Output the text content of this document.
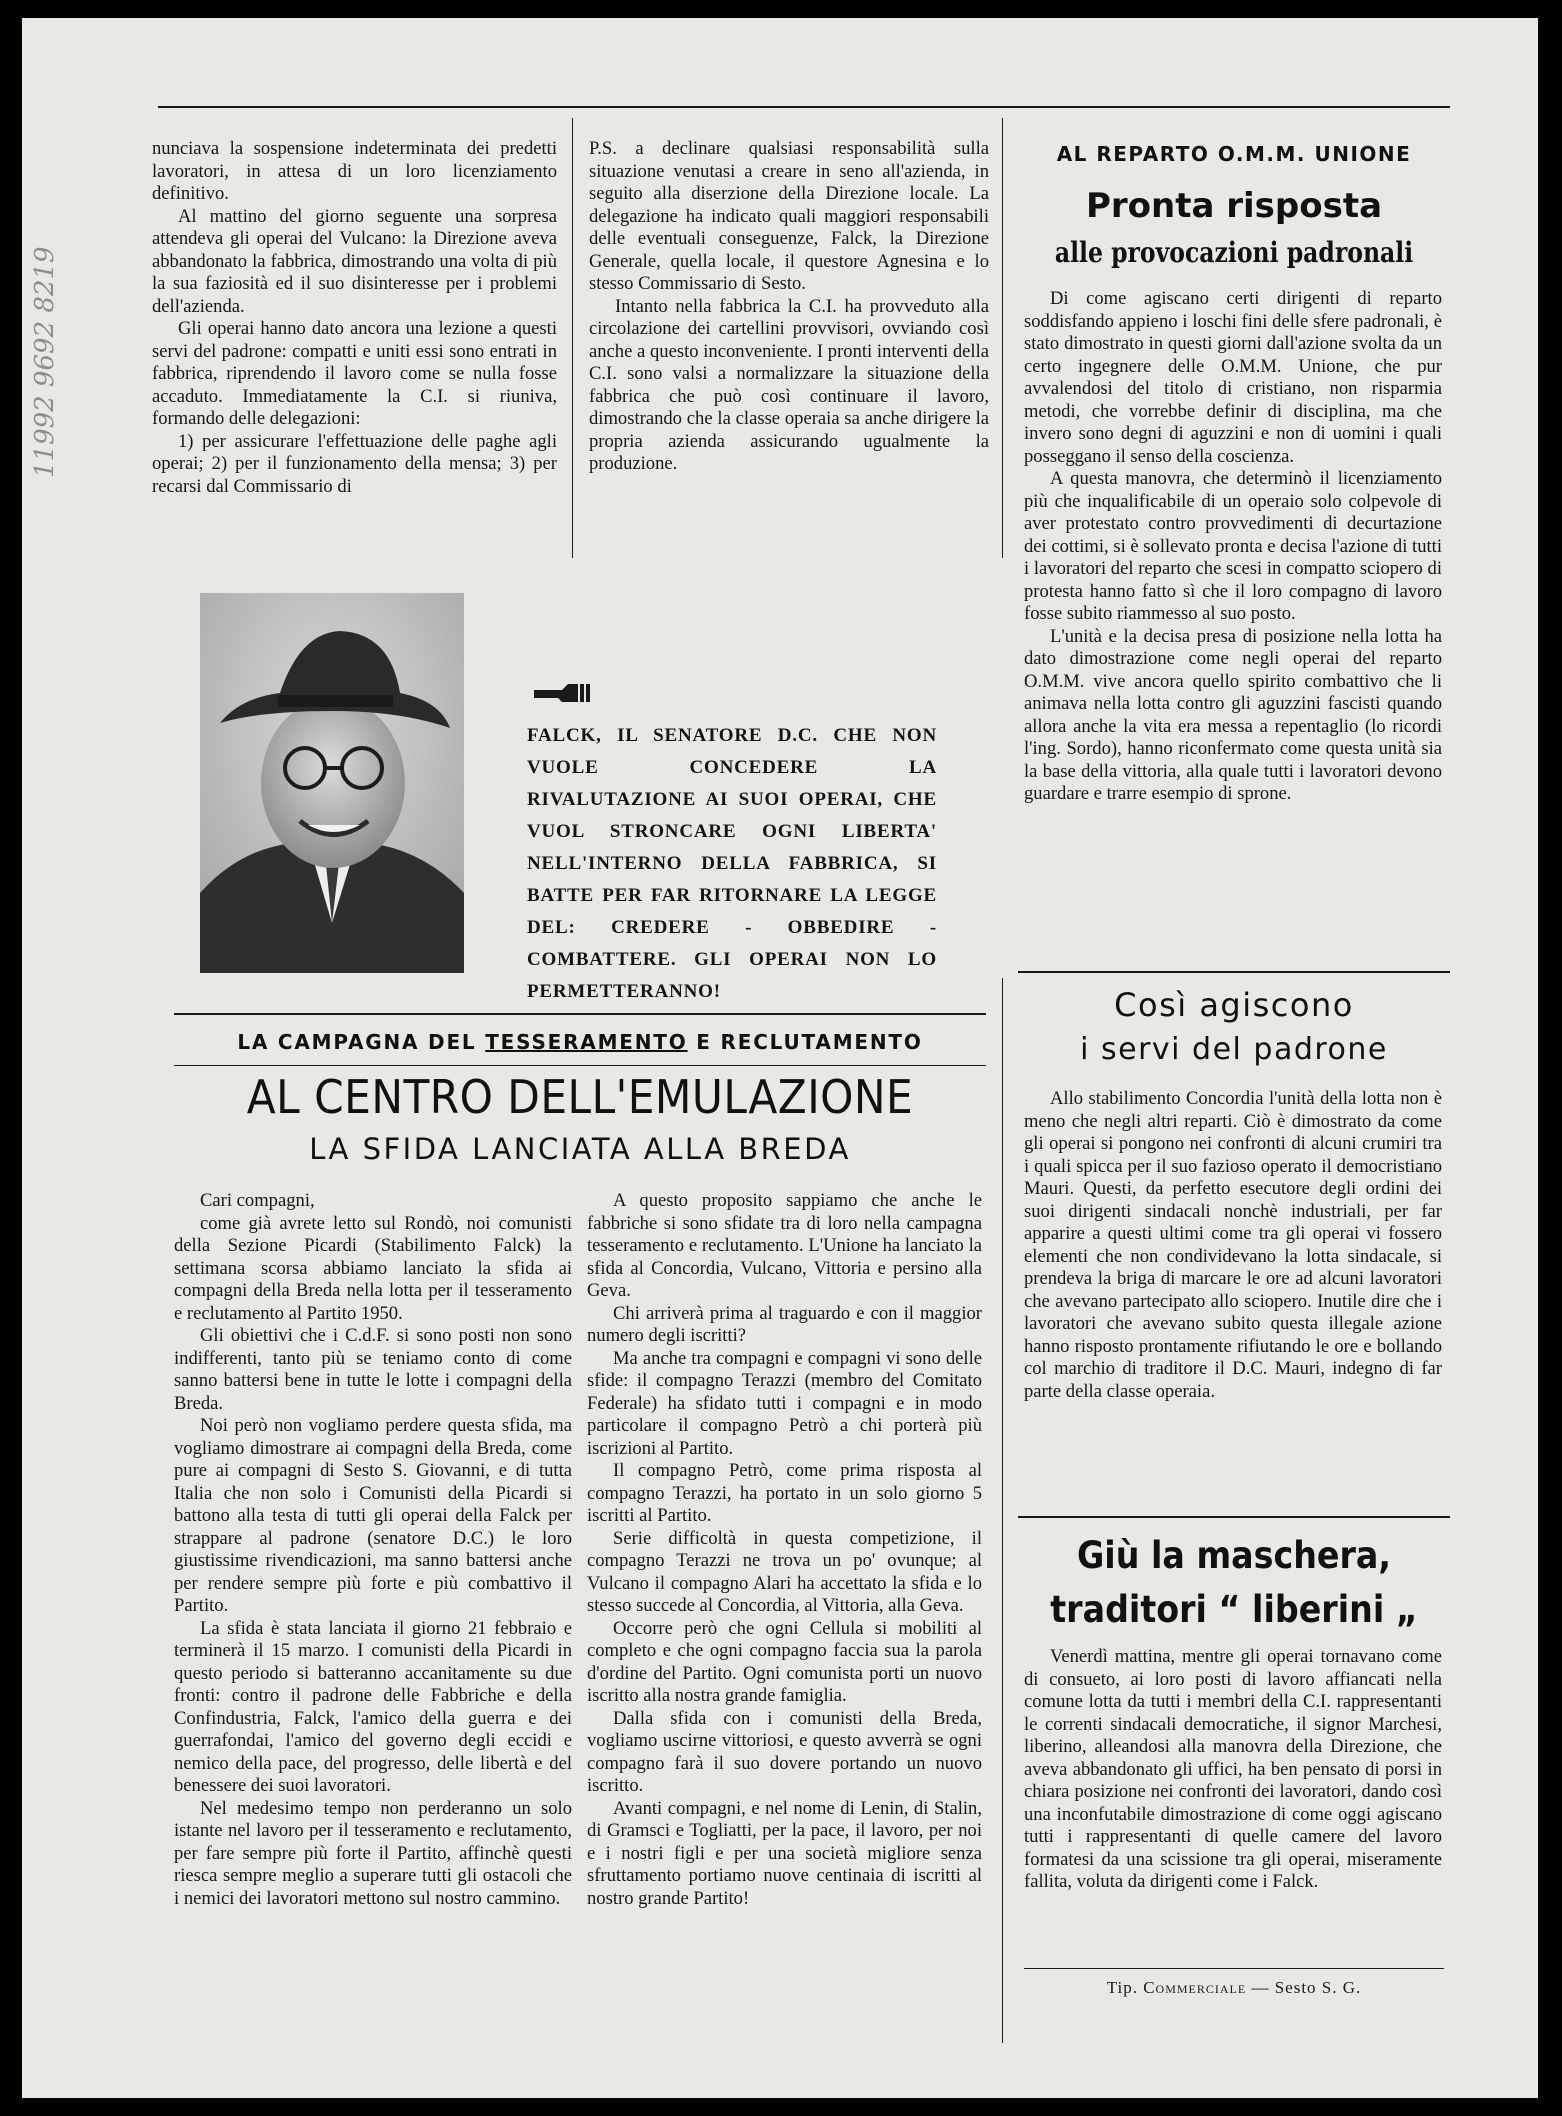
11992 9692 8219

nunciava la sospensione indeterminata dei predetti lavoratori, in attesa di un loro licenziamento definitivo.

Al mattino del giorno seguente una sorpresa attendeva gli operai del Vulcano: la Direzione aveva abbandonato la fabbrica, dimostrando una volta di più la sua faziosità ed il suo disinteresse per i problemi dell'azienda.

Gli operai hanno dato ancora una lezione a questi servi del padrone: compatti e uniti essi sono entrati in fabbrica, riprendendo il lavoro come se nulla fosse accaduto. Immediatamente la C.I. si riuniva, formando delle delegazioni:

1) per assicurare l'effettuazione delle paghe agli operai; 2) per il funzionamento della mensa; 3) per recarsi dal Commissario di

P.S. a declinare qualsiasi responsabilità sulla situazione venutasi a creare in seno all'azienda, in seguito alla diserzione della Direzione locale. La delegazione ha indicato quali maggiori responsabili delle eventuali conseguenze, Falck, la Direzione Generale, quella locale, il questore Agnesina e lo stesso Commissario di Sesto.

Intanto nella fabbrica la C.I. ha provveduto alla circolazione dei cartellini provvisori, ovviando così anche a questo inconveniente. I pronti interventi della C.I. sono valsi a normalizzare la situazione della fabbrica che può così continuare il lavoro, dimostrando che la classe operaia sa anche dirigere la propria azienda assicurando ugualmente la produzione.

FALCK, IL SENATORE D.C. CHE NON VUOLE CONCEDERE LA RIVALUTAZIONE AI SUOI OPERAI, CHE VUOL STRONCARE OGNI LIBERTA' NELL'INTERNO DELLA FABBRICA, SI BATTE PER FAR RITORNARE LA LEGGE DEL: CREDERE - OBBEDIRE - COMBATTERE. GLI OPERAI NON LO PERMETTERANNO!
LA CAMPAGNA DEL TESSERAMENTO E RECLUTAMENTO
AL CENTRO DELL'EMULAZIONE
LA SFIDA LANCIATA ALLA BREDA

Cari compagni,

come già avrete letto sul Rondò, noi comunisti della Sezione Picardi (Stabilimento Falck) la settimana scorsa abbiamo lanciato la sfida ai compagni della Breda nella lotta per il tesseramento e reclutamento al Partito 1950.

Gli obiettivi che i C.d.F. si sono posti non sono indifferenti, tanto più se teniamo conto di come sanno battersi bene in tutte le lotte i compagni della Breda.

Noi però non vogliamo perdere questa sfida, ma vogliamo dimostrare ai compagni della Breda, come pure ai compagni di Sesto S. Giovanni, e di tutta Italia che non solo i Comunisti della Picardi si battono alla testa di tutti gli operai della Falck per strappare al padrone (senatore D.C.) le loro giustissime rivendicazioni, ma sanno battersi anche per rendere sempre più forte e più combattivo il Partito.

La sfida è stata lanciata il giorno 21 febbraio e terminerà il 15 marzo. I comunisti della Picardi in questo periodo si batteranno accanitamente su due fronti: contro il padrone delle Fabbriche e della Confindustria, Falck, l'amico della guerra e dei guerrafondai, l'amico del governo degli eccidi e nemico della pace, del progresso, delle libertà e del benessere dei suoi lavoratori.

Nel medesimo tempo non perderanno un solo istante nel lavoro per il tesseramento e reclutamento, per fare sempre più forte il Partito, affinchè questi riesca sempre meglio a superare tutti gli ostacoli che i nemici dei lavoratori mettono sul nostro cammino.

A questo proposito sappiamo che anche le fabbriche si sono sfidate tra di loro nella campagna tesseramento e reclutamento. L'Unione ha lanciato la sfida al Concordia, Vulcano, Vittoria e persino alla Geva.

Chi arriverà prima al traguardo e con il maggior numero degli iscritti?

Ma anche tra compagni e compagni vi sono delle sfide: il compagno Terazzi (membro del Comitato Federale) ha sfidato tutti i compagni e in modo particolare il compagno Petrò a chi porterà più iscrizioni al Partito.

Il compagno Petrò, come prima risposta al compagno Terazzi, ha portato in un solo giorno 5 iscritti al Partito.

Serie difficoltà in questa competizione, il compagno Terazzi ne trova un po' ovunque; al Vulcano il compagno Alari ha accettato la sfida e lo stesso succede al Concordia, al Vittoria, alla Geva.

Occorre però che ogni Cellula si mobiliti al completo e che ogni compagno faccia sua la parola d'ordine del Partito. Ogni comunista porti un nuovo iscritto alla nostra grande famiglia.

Dalla sfida con i comunisti della Breda, vogliamo uscirne vittoriosi, e questo avverrà se ogni compagno farà il suo dovere portando un nuovo iscritto.

Avanti compagni, e nel nome di Lenin, di Stalin, di Gramsci e Togliatti, per la pace, il lavoro, per noi e i nostri figli e per una società migliore senza sfruttamento portiamo nuove centinaia di iscritti al nostro grande Partito!

AL REPARTO O.M.M. UNIONE
Pronta risposta
alle provocazioni padronali

Di come agiscano certi dirigenti di reparto soddisfando appieno i loschi fini delle sfere padronali, è stato dimostrato in questi giorni dall'azione svolta da un certo ingegnere delle O.M.M. Unione, che pur avvalendosi del titolo di cristiano, non risparmia metodi, che vorrebbe definir di disciplina, ma che invero sono degni di aguzzini e non di uomini i quali posseggano il senso della coscienza.

A questa manovra, che determinò il licenziamento più che inqualificabile di un operaio solo colpevole di aver protestato contro provvedimenti di decurtazione dei cottimi, si è sollevato pronta e decisa l'azione di tutti i lavoratori del reparto che scesi in compatto sciopero di protesta hanno fatto sì che il loro compagno di lavoro fosse subito riammesso al suo posto.

L'unità e la decisa presa di posizione nella lotta ha dato dimostrazione come negli operai del reparto O.M.M. vive ancora quello spirito combattivo che li animava nella lotta contro gli aguzzini fascisti quando allora anche la vita era messa a repentaglio (lo ricordi l'ing. Sordo), hanno riconfermato come questa unità sia la base della vittoria, alla quale tutti i lavoratori devono guardare e trarre esempio di sprone.

Così agiscono
i servi del padrone

Allo stabilimento Concordia l'unità della lotta non è meno che negli altri reparti. Ciò è dimostrato da come gli operai si pongono nei confronti di alcuni crumiri tra i quali spicca per il suo fazioso operato il democristiano Mauri. Questi, da perfetto esecutore degli ordini dei suoi dirigenti sindacali nonchè industriali, per far apparire a questi ultimi come tra gli operai vi fossero elementi che non condividevano la lotta sindacale, si prendeva la briga di marcare le ore ad alcuni lavoratori che avevano partecipato allo sciopero. Inutile dire che i lavoratori che avevano subito questa illegale azione hanno risposto prontamente rifiutando le ore e bollando col marchio di traditore il D.C. Mauri, indegno di far parte della classe operaia.

Giù la maschera,
traditori “ liberini „

Venerdì mattina, mentre gli operai tornavano come di consueto, ai loro posti di lavoro affiancati nella comune lotta da tutti i membri della C.I. rappresentanti le correnti sindacali democratiche, il signor Marchesi, liberino, alleandosi alla manovra della Direzione, che aveva abbandonato gli uffici, ha ben pensato di porsi in chiara posizione nei confronti dei lavoratori, dando così una inconfutabile dimostrazione di come oggi agiscano tutti i rappresentanti di quelle camere del lavoro formatesi da una scissione tra gli operai, miseramente fallita, voluta da dirigenti come i Falck.

Tip. Commerciale — Sesto S. G.
